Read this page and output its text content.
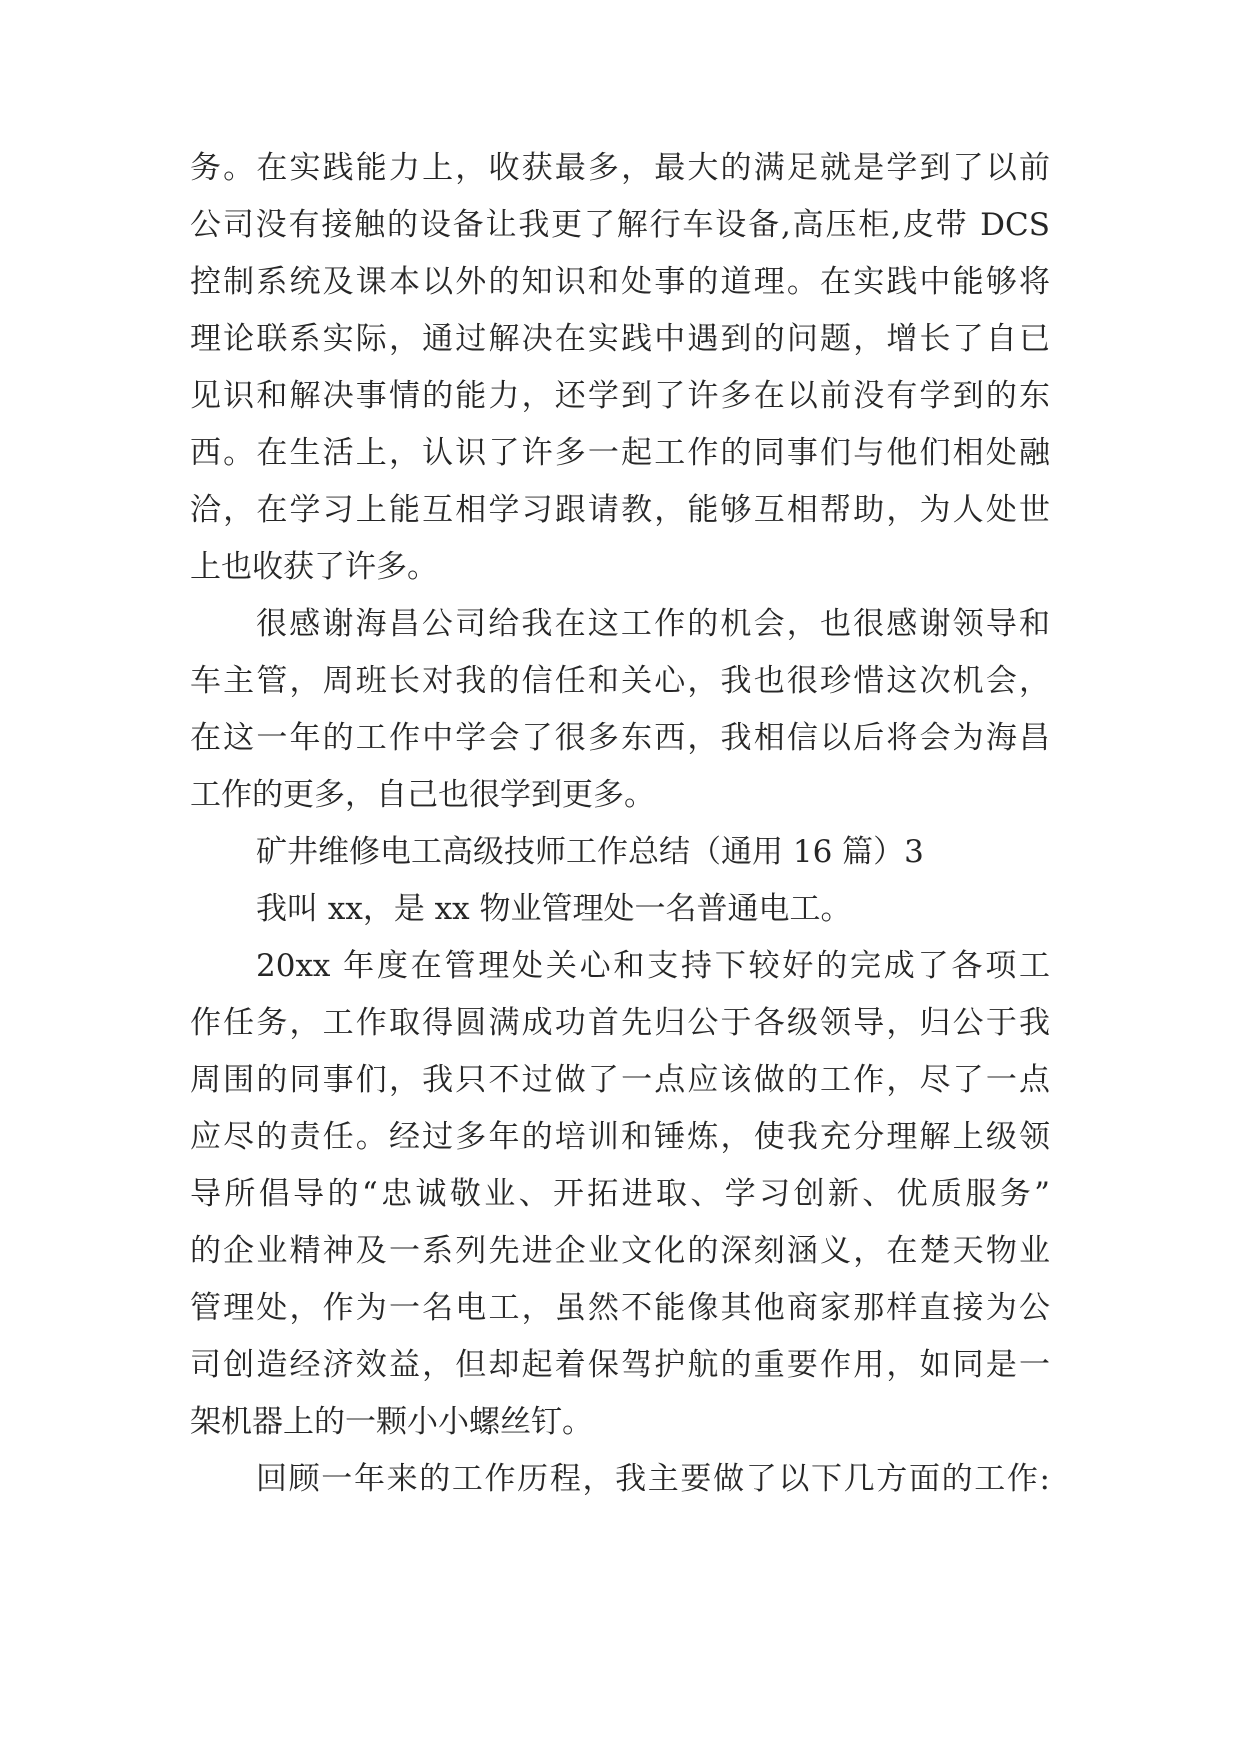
务。在实践能力上，收获最多，最大的满足就是学到了以前
公司没有接触的设备让我更了解行车设备,高压柜,皮带 DCS
控制系统及课本以外的知识和处事的道理。在实践中能够将
理论联系实际，通过解决在实践中遇到的问题，增长了自已
见识和解决事情的能力，还学到了许多在以前没有学到的东
西。在生活上，认识了许多一起工作的同事们与他们相处融
洽，在学习上能互相学习跟请教，能够互相帮助，为人处世
上也收获了许多。
很感谢海昌公司给我在这工作的机会，也很感谢领导和
车主管，周班长对我的信任和关心，我也很珍惜这次机会，
在这一年的工作中学会了很多东西，我相信以后将会为海昌
工作的更多，自己也很学到更多。
矿井维修电工高级技师工作总结（通用 16 篇）3
我叫 xx，是 xx 物业管理处一名普通电工。
20xx 年度在管理处关心和支持下较好的完成了各项工
作任务，工作取得圆满成功首先归公于各级领导，归公于我
周围的同事们，我只不过做了一点应该做的工作，尽了一点
应尽的责任。经过多年的培训和锤炼，使我充分理解上级领
导所倡导的“忠诚敬业、开拓进取、学习创新、优质服务”
的企业精神及一系列先进企业文化的深刻涵义，在楚天物业
管理处，作为一名电工，虽然不能像其他商家那样直接为公
司创造经济效益，但却起着保驾护航的重要作用，如同是一
架机器上的一颗小小螺丝钉。
回顾一年来的工作历程，我主要做了以下几方面的工作:
